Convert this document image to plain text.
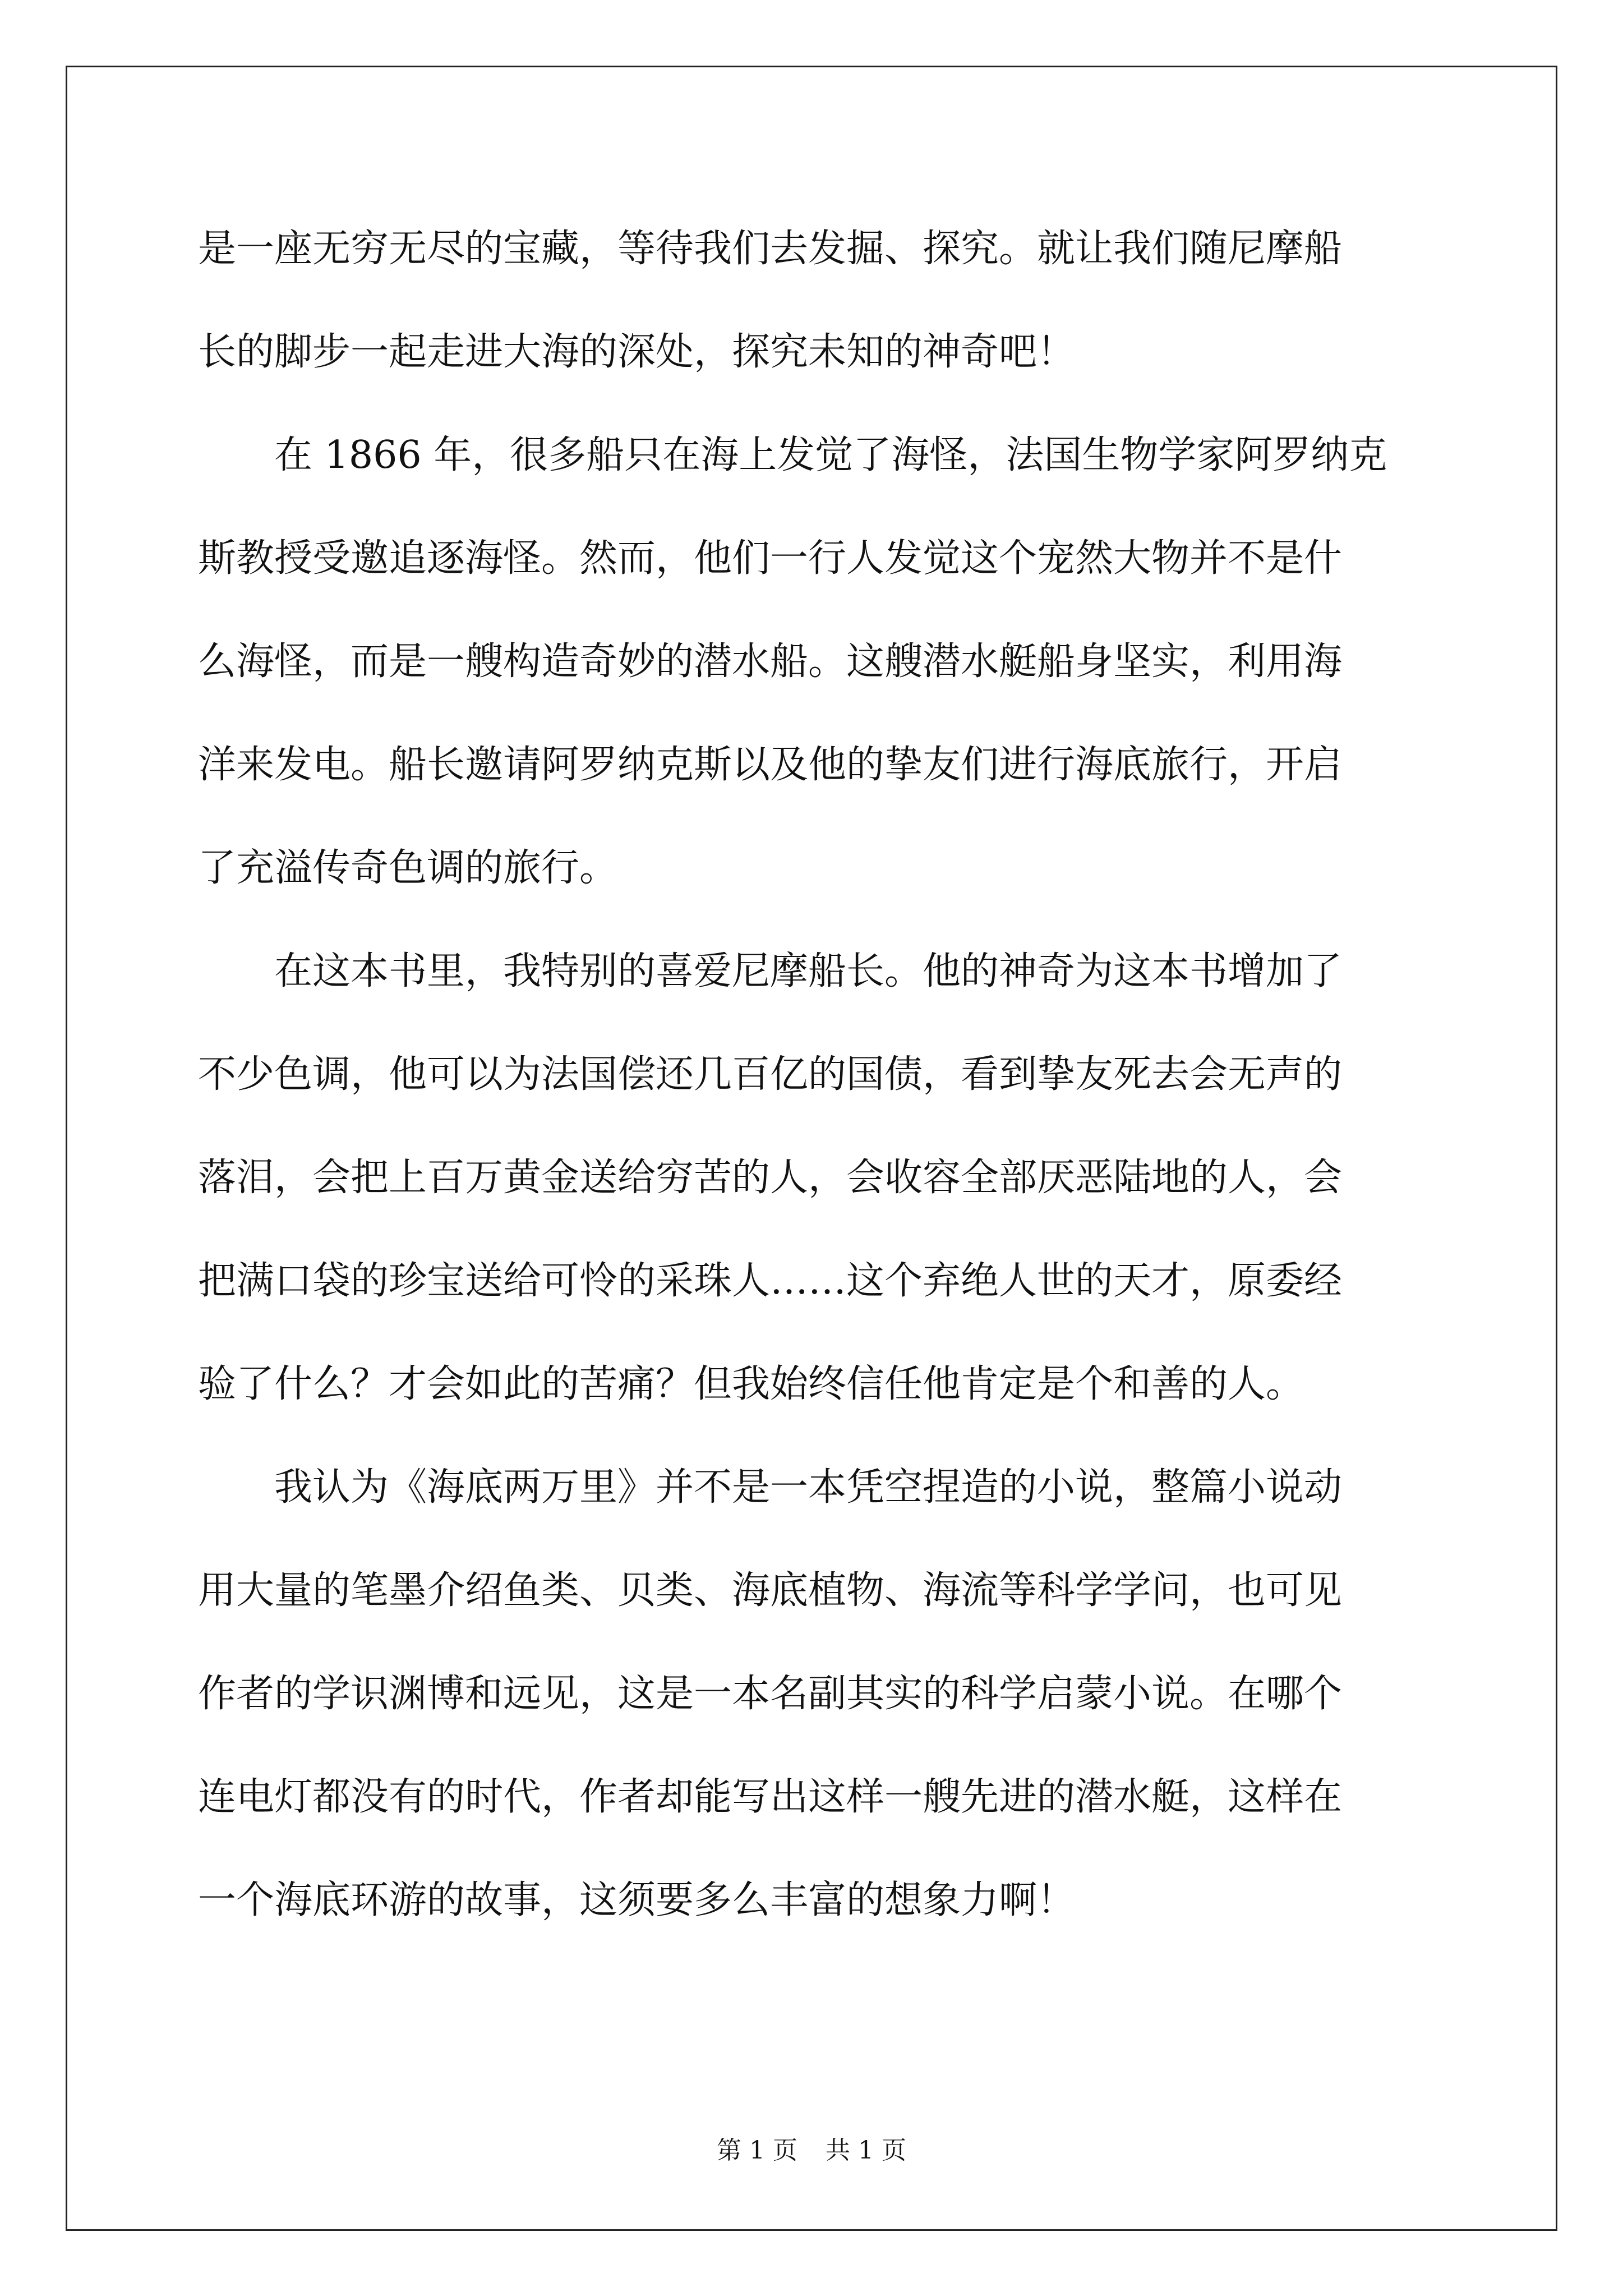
是一座无穷无尽的宝藏，等待我们去发掘、探究。就让我们随尼摩船
长的脚步一起走进大海的深处，探究未知的神奇吧！
　　在 1866 年，很多船只在海上发觉了海怪，法国生物学家阿罗纳克
斯教授受邀追逐海怪。然而，他们一行人发觉这个宠然大物并不是什
么海怪，而是一艘构造奇妙的潜水船。这艘潜水艇船身坚实，利用海
洋来发电。船长邀请阿罗纳克斯以及他的挚友们进行海底旅行，开启
了充溢传奇色调的旅行。
　　在这本书里，我特别的喜爱尼摩船长。他的神奇为这本书增加了
不少色调，他可以为法国偿还几百亿的国债，看到挚友死去会无声的
落泪，会把上百万黄金送给穷苦的人，会收容全部厌恶陆地的人，会
把满口袋的珍宝送给可怜的采珠人……这个弃绝人世的天才，原委经
验了什么？才会如此的苦痛？但我始终信任他肯定是个和善的人。
　　我认为《海底两万里》并不是一本凭空捏造的小说，整篇小说动
用大量的笔墨介绍鱼类、贝类、海底植物、海流等科学学问，也可见
作者的学识渊博和远见，这是一本名副其实的科学启蒙小说。在哪个
连电灯都没有的时代，作者却能写出这样一艘先进的潜水艇，这样在
一个海底环游的故事，这须要多么丰富的想象力啊！
第 1 页 共 1 页
